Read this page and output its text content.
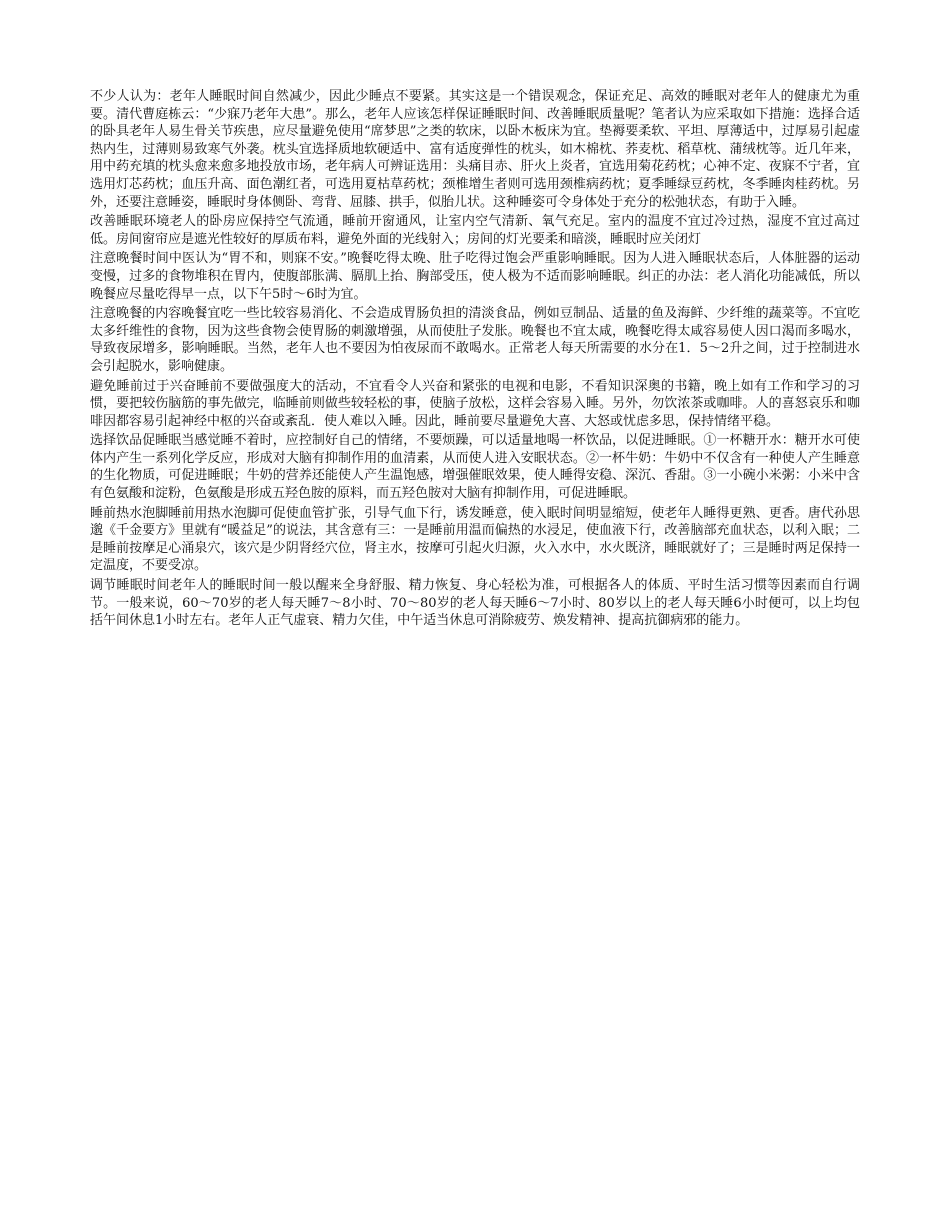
不少人认为：老年人睡眠时间自然减少，因此少睡点不要紧。其实这是一个错误观念，保证充足、高效的睡眠对老年人的健康尤为重要。清代曹庭栋云：“少寐乃老年大患”。那么，老年人应该怎样保证睡眠时间、改善睡眠质量呢？笔者认为应采取如下措施：选择合适的卧具老年人易生骨关节疾患，应尽量避免使用“席梦思”之类的软床，以卧木板床为宜。垫褥要柔软、平坦、厚薄适中，过厚易引起虚热内生，过薄则易致寒气外袭。枕头宜选择质地软硬适中、富有适度弹性的枕头，如木棉枕、荞麦枕、稻草枕、蒲绒枕等。近几年来，用中药充填的枕头愈来愈多地投放市场，老年病人可辨证选用：头痛目赤、肝火上炎者，宜选用菊花药枕；心神不定、夜寐不宁者，宜选用灯芯药枕；血压升高、面色潮红者，可选用夏枯草药枕；颈椎增生者则可选用颈椎病药枕；夏季睡绿豆药枕，冬季睡肉桂药枕。另外，还要注意睡姿，睡眠时身体侧卧、弯背、屈膝、拱手，似胎儿状。这种睡姿可令身体处于充分的松弛状态，有助于入睡。

改善睡眠环境老人的卧房应保持空气流通，睡前开窗通风，让室内空气清新、氧气充足。室内的温度不宜过冷过热，湿度不宜过高过低。房间窗帘应是遮光性较好的厚质布料，避免外面的光线射入；房间的灯光要柔和暗淡，睡眠时应关闭灯

注意晚餐时间中医认为“胃不和，则寐不安。”晚餐吃得太晚、肚子吃得过饱会严重影响睡眠。因为人进入睡眠状态后，人体脏器的运动变慢，过多的食物堆积在胃内，使腹部胀满、膈肌上抬、胸部受压，使人极为不适而影响睡眠。纠正的办法：老人消化功能减低，所以晚餐应尽量吃得早一点，以下午5时～6时为宜。

注意晚餐的内容晚餐宜吃一些比较容易消化、不会造成胃肠负担的清淡食品，例如豆制品、适量的鱼及海鲜、少纤维的蔬菜等。不宜吃太多纤维性的食物，因为这些食物会使胃肠的刺激增强，从而使肚子发胀。晚餐也不宜太咸，晚餐吃得太咸容易使人因口渴而多喝水，导致夜尿增多，影响睡眠。当然，老年人也不要因为怕夜尿而不敢喝水。正常老人每天所需要的水分在1．5～2升之间，过于控制进水会引起脱水，影响健康。

避免睡前过于兴奋睡前不要做强度大的活动，不宜看令人兴奋和紧张的电视和电影，不看知识深奥的书籍，晚上如有工作和学习的习惯，要把较伤脑筋的事先做完，临睡前则做些较轻松的事，使脑子放松，这样会容易入睡。另外，勿饮浓茶或咖啡。人的喜怒哀乐和咖啡因都容易引起神经中枢的兴奋或紊乱．使人难以入睡。因此，睡前要尽量避免大喜、大怒或忧虑多思，保持情绪平稳。

选择饮品促睡眠当感觉睡不着时，应控制好自己的情绪，不要烦躁，可以适量地喝一杯饮品，以促进睡眠。①一杯糖开水：糖开水可使体内产生一系列化学反应，形成对大脑有抑制作用的血清素，从而使人进入安眠状态。②一杯牛奶：牛奶中不仅含有一种使人产生睡意的生化物质，可促进睡眠；牛奶的营养还能使人产生温饱感，增强催眠效果，使人睡得安稳、深沉、香甜。③一小碗小米粥：小米中含有色氨酸和淀粉，色氨酸是形成五羟色胺的原料，而五羟色胺对大脑有抑制作用，可促进睡眠。

睡前热水泡脚睡前用热水泡脚可促使血管扩张，引导气血下行，诱发睡意，使入眠时间明显缩短，使老年人睡得更熟、更香。唐代孙思邈《千金要方》里就有“暖益足”的说法，其含意有三：一是睡前用温而偏热的水浸足，使血液下行，改善脑部充血状态，以利入眠；二是睡前按摩足心涌泉穴，该穴是少阴肾经穴位，肾主水，按摩可引起火归源，火入水中，水火既济，睡眠就好了；三是睡时两足保持一定温度，不要受凉。

调节睡眠时间老年人的睡眠时间一般以醒来全身舒服、精力恢复、身心轻松为准，可根据各人的体质、平时生活习惯等因素而自行调节。一般来说，60～70岁的老人每天睡7～8小时、70～80岁的老人每天睡6～7小时、80岁以上的老人每天睡6小时便可，以上均包括午间休息1小时左右。老年人正气虚衰、精力欠佳，中午适当休息可消除疲劳、焕发精神、提高抗御病邪的能力。
